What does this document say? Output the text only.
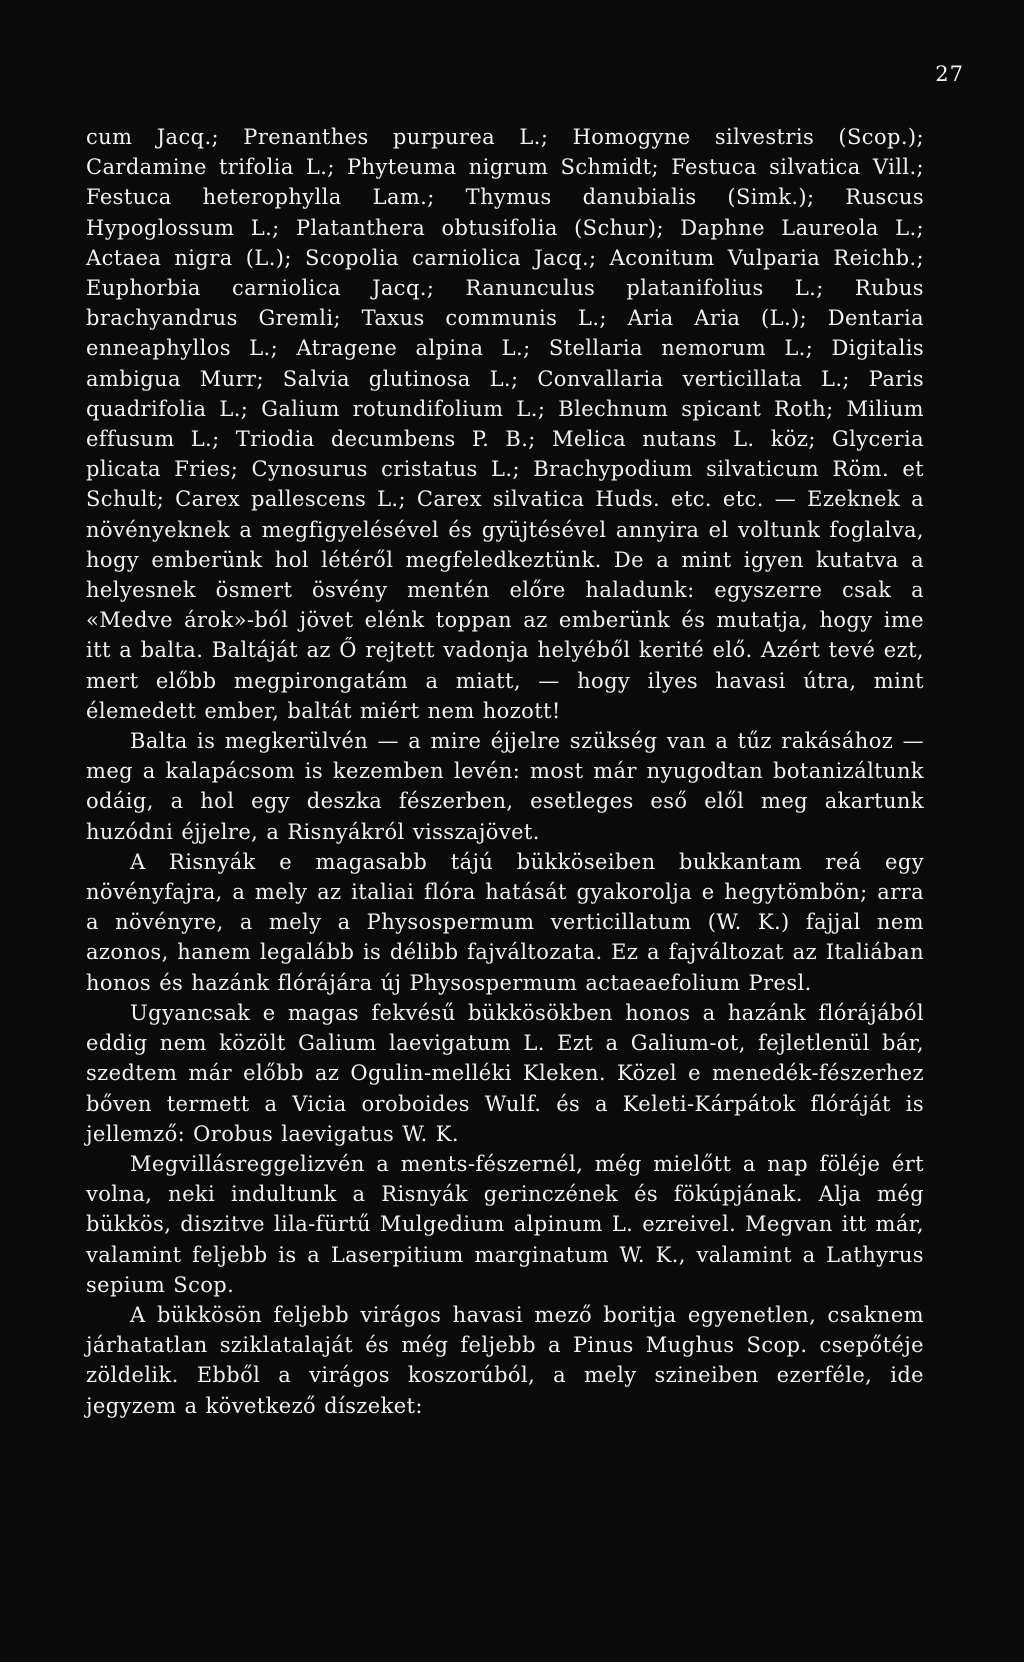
27

cum Jacq.; Prenanthes purpurea L.; Homogyne silvestris (Scop.); Cardamine trifolia L.; Phyteuma nigrum Schmidt; Festuca silvatica Vill.; Festuca heterophylla Lam.; Thymus danubialis (Simk.); Ruscus Hypoglossum L.; Platanthera obtusifolia (Schur); Daphne Laureola L.; Actaea nigra (L.); Scopolia carniolica Jacq.; Aconitum Vulparia Reichb.; Euphorbia carniolica Jacq.; Ranunculus platanifolius L.; Rubus brachyandrus Gremli; Taxus communis L.; Aria Aria (L.); Dentaria enneaphyllos L.; Atragene alpina L.; Stellaria nemorum L.; Digitalis ambigua Murr; Salvia glutinosa L.; Convallaria verticillata L.; Paris quadrifolia L.; Galium rotundifolium L.; Blechnum spicant Roth; Milium effusum L.; Triodia decumbens P. B.; Melica nutans L. köz; Glyceria plicata Fries; Cynosurus cristatus L.; Brachypodium silvaticum Röm. et Schult; Carex pallescens L.; Carex silvatica Huds. etc. etc. — Ezeknek a növényeknek a megfigyelésével és gyüjtésével annyira el voltunk foglalva, hogy emberünk hol létéről megfeledkeztünk. De a mint igyen kutatva a helyesnek ösmert ösvény mentén előre haladunk: egyszerre csak a «Medve árok»-ból jövet elénk toppan az emberünk és mutatja, hogy ime itt a balta. Baltáját az Ő rejtett vadonja helyéből kerité elő. Azért tevé ezt, mert előbb megpirongatám a miatt, — hogy ilyes havasi útra, mint élemedett ember, baltát miért nem hozott!

Balta is megkerülvén — a mire éjjelre szükség van a tűz rakásához — meg a kalapácsom is kezemben levén: most már nyugodtan botanizáltunk odáig, a hol egy deszka fészerben, esetleges eső elől meg akartunk huzódni éjjelre, a Risnyákról visszajövet.

A Risnyák e magasabb tájú bükköseiben bukkantam reá egy növényfajra, a mely az italiai flóra hatását gyakorolja e hegytömbön; arra a növényre, a mely a Physospermum verticillatum (W. K.) fajjal nem azonos, hanem legalább is délibb fajváltozata. Ez a fajváltozat az Italiában honos és hazánk flórájára új Physospermum actaeaefolium Presl.

Ugyancsak e magas fekvésű bükkösökben honos a hazánk flórájából eddig nem közölt Galium laevigatum L. Ezt a Galium-ot, fejletlenül bár, szedtem már előbb az Ogulin-melléki Kleken. Közel e menedék-fészerhez bőven termett a Vicia oroboides Wulf. és a Keleti-Kárpátok flóráját is jellemző: Orobus laevigatus W. K.

Megvillásreggelizvén a ments-fészernél, még mielőtt a nap föléje ért volna, neki indultunk a Risnyák gerinczének és fökúpjának. Alja még bükkös, diszitve lila-fürtű Mulgedium alpinum L. ezreivel. Megvan itt már, valamint feljebb is a Laserpitium marginatum W. K., valamint a Lathyrus sepium Scop.

A bükkösön feljebb virágos havasi mező boritja egyenetlen, csaknem járhatatlan sziklatalaját és még feljebb a Pinus Mughus Scop. csepőtéje zöldelik. Ebből a virágos koszorúból, a mely szineiben ezerféle, ide jegyzem a következő díszeket:
